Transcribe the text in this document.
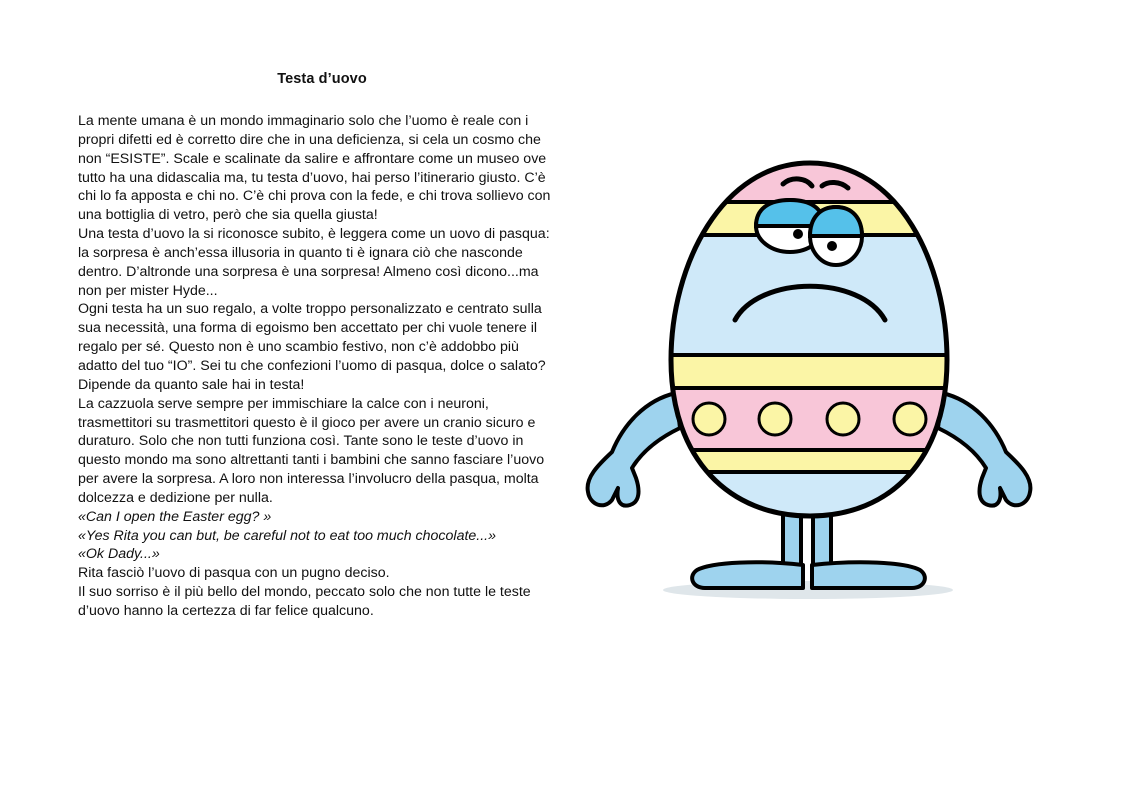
Testa d’uovo
La mente umana è un mondo immaginario solo che l’uomo è reale con i
propri difetti ed è corretto dire che in una deficienza, si cela un cosmo che
non “ESISTE”. Scale e scalinate da salire e affrontare come un museo ove
tutto ha una didascalia ma, tu testa d’uovo, hai perso l’itinerario giusto. C’è
chi lo fa apposta e chi no. C’è chi prova con la fede, e chi trova sollievo con
una bottiglia di vetro, però che sia quella giusta!
Una testa d’uovo la si riconosce subito, è leggera come un uovo di pasqua:
la sorpresa è anch’essa illusoria in quanto ti è ignara ciò che nasconde
dentro. D’altronde una sorpresa è una sorpresa! Almeno così dicono...ma
non per mister Hyde...
Ogni testa ha un suo regalo, a volte troppo personalizzato e centrato sulla
sua necessità, una forma di egoismo ben accettato per chi vuole tenere il
regalo per sé. Questo non è uno scambio festivo, non c’è addobbo più
adatto del tuo “IO”. Sei tu che confezioni l’uomo di pasqua, dolce o salato?
Dipende da quanto sale hai in testa!
La cazzuola serve sempre per immischiare la calce con i neuroni,
trasmettitori su trasmettitori questo è il gioco per avere un cranio sicuro e
duraturo. Solo che non tutti funziona così. Tante sono le teste d’uovo in
questo mondo ma sono altrettanti tanti i bambini che sanno fasciare l’uovo
per avere la sorpresa. A loro non interessa l’involucro della pasqua, molta
dolcezza e dedizione per nulla.
«Can I open the Easter egg? »
«Yes Rita you can but, be careful not to eat too much chocolate...»
«Ok Dady...»
Rita fasciò l’uovo di pasqua con un pugno deciso.
Il suo sorriso è il più bello del mondo, peccato solo che non tutte le teste
d’uovo hanno la certezza di far felice qualcuno.
